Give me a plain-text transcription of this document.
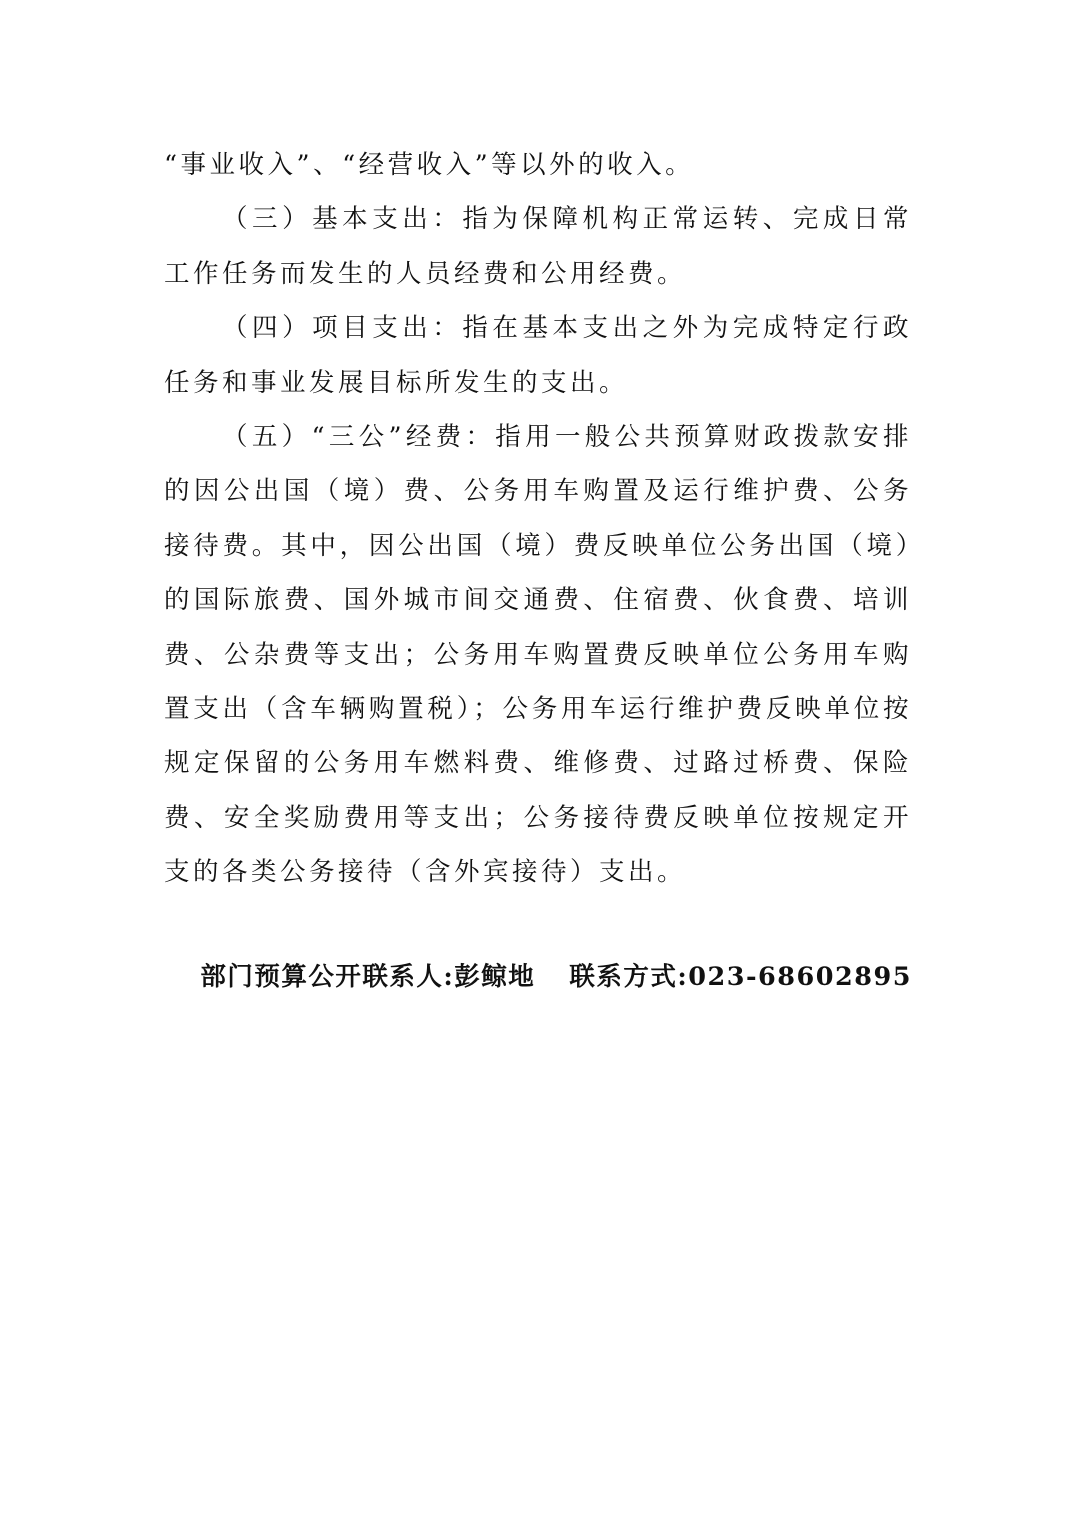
“事业收入”、“经营收入”等以外的收入。

（三）基本支出：指为保障机构正常运转、完成日常工作任务而发生的人员经费和公用经费。

（四）项目支出：指在基本支出之外为完成特定行政任务和事业发展目标所发生的支出。

（五）“三公”经费：指用一般公共预算财政拨款安排的因公出国（境）费、公务用车购置及运行维护费、公务接待费。其中，因公出国（境）费反映单位公务出国（境）的国际旅费、国外城市间交通费、住宿费、伙食费、培训费、公杂费等支出；公务用车购置费反映单位公务用车购置支出（含车辆购置税）；公务用车运行维护费反映单位按规定保留的公务用车燃料费、维修费、过路过桥费、保险费、安全奖励费用等支出；公务接待费反映单位按规定开支的各类公务接待（含外宾接待）支出。

部门预算公开联系人:彭鲸地 联系方式:023-68602895
